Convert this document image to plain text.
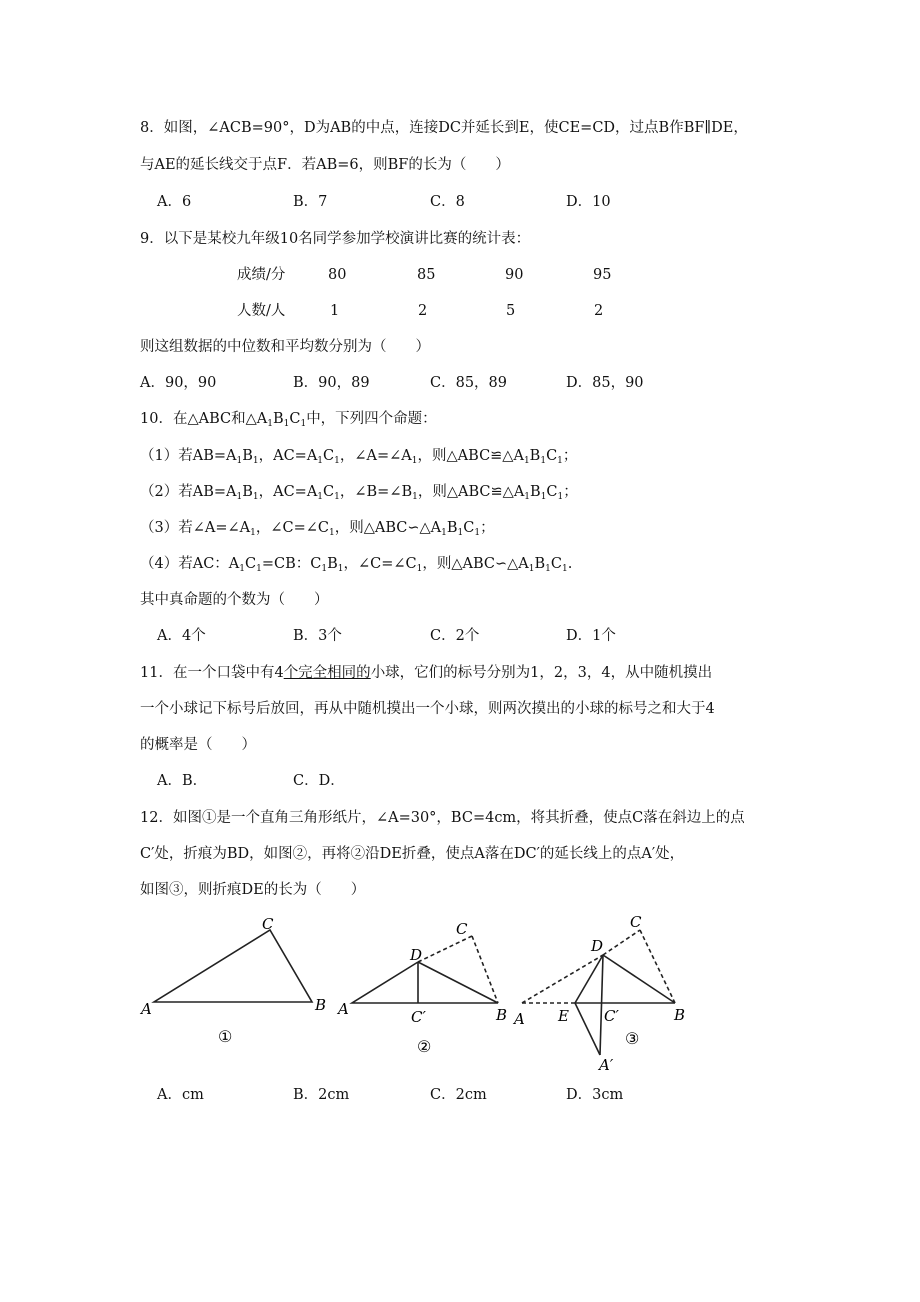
8．如图，∠ACB=90°，D为AB的中点，连接DC并延长到E，使CE=CD，过点B作BF∥DE，
与AE的延长线交于点F．若AB=6，则BF的长为（　　）
A．6	B．7	C．8	D．10
9．以下是某校九年级10名同学参加学校演讲比赛的统计表：
成绩/分	80	85	90	95
人数/人	1	2	5	2
则这组数据的中位数和平均数分别为（　　）
A．90，90	B．90，89	C．85，89	D．85，90
10．在△ABC和$\triangle A_1B_1C_1$中，下列四个命题：
（1）若$AB=A_1B_1$，$AC=A_1C_1$，$\angle A=\angle A_1$，则$\triangle ABC≌\triangle A_1B_1C_1$；
（2）若$AB=A_1B_1$，$AC=A_1C_1$，$\angle B=\angle B_1$，则$\triangle ABC≌\triangle A_1B_1C_1$；
（3）若$\angle A=\angle A_1$，$\angle C=\angle C_1$，则$\triangle ABC∽\triangle A_1B_1C_1$；
（4）若AC：$A_1C_1=CB$：$C_1B_1$，$\angle C=\angle C_1$，则$\triangle ABC∽\triangle A_1B_1C_1$.
其中真命题的个数为（　　）
A．4个	B．3个	C．2个	D．1个
11．在一个口袋中有4个完全相同的小球，它们的标号分别为1，2，3，4，从中随机摸出
一个小球记下标号后放回，再从中随机摸出一个小球，则两次摸出的小球的标号之和大于4
的概率是（　　）
A．B．	C．D．
12．如图①是一个直角三角形纸片，∠A=30°，BC=4cm，将其折叠，使点C落在斜边上的点
C′处，折痕为BD，如图②，再将②沿DE折叠，使点A落在DC′的延长线上的点A′处，
如图③，则折痕DE的长为（　　）
A	B
C
①
A	B
C
D
C′
②
A	B
C
D
E C′
A′
③
A．cm	B．2cm	C．2cm	D．3cm
